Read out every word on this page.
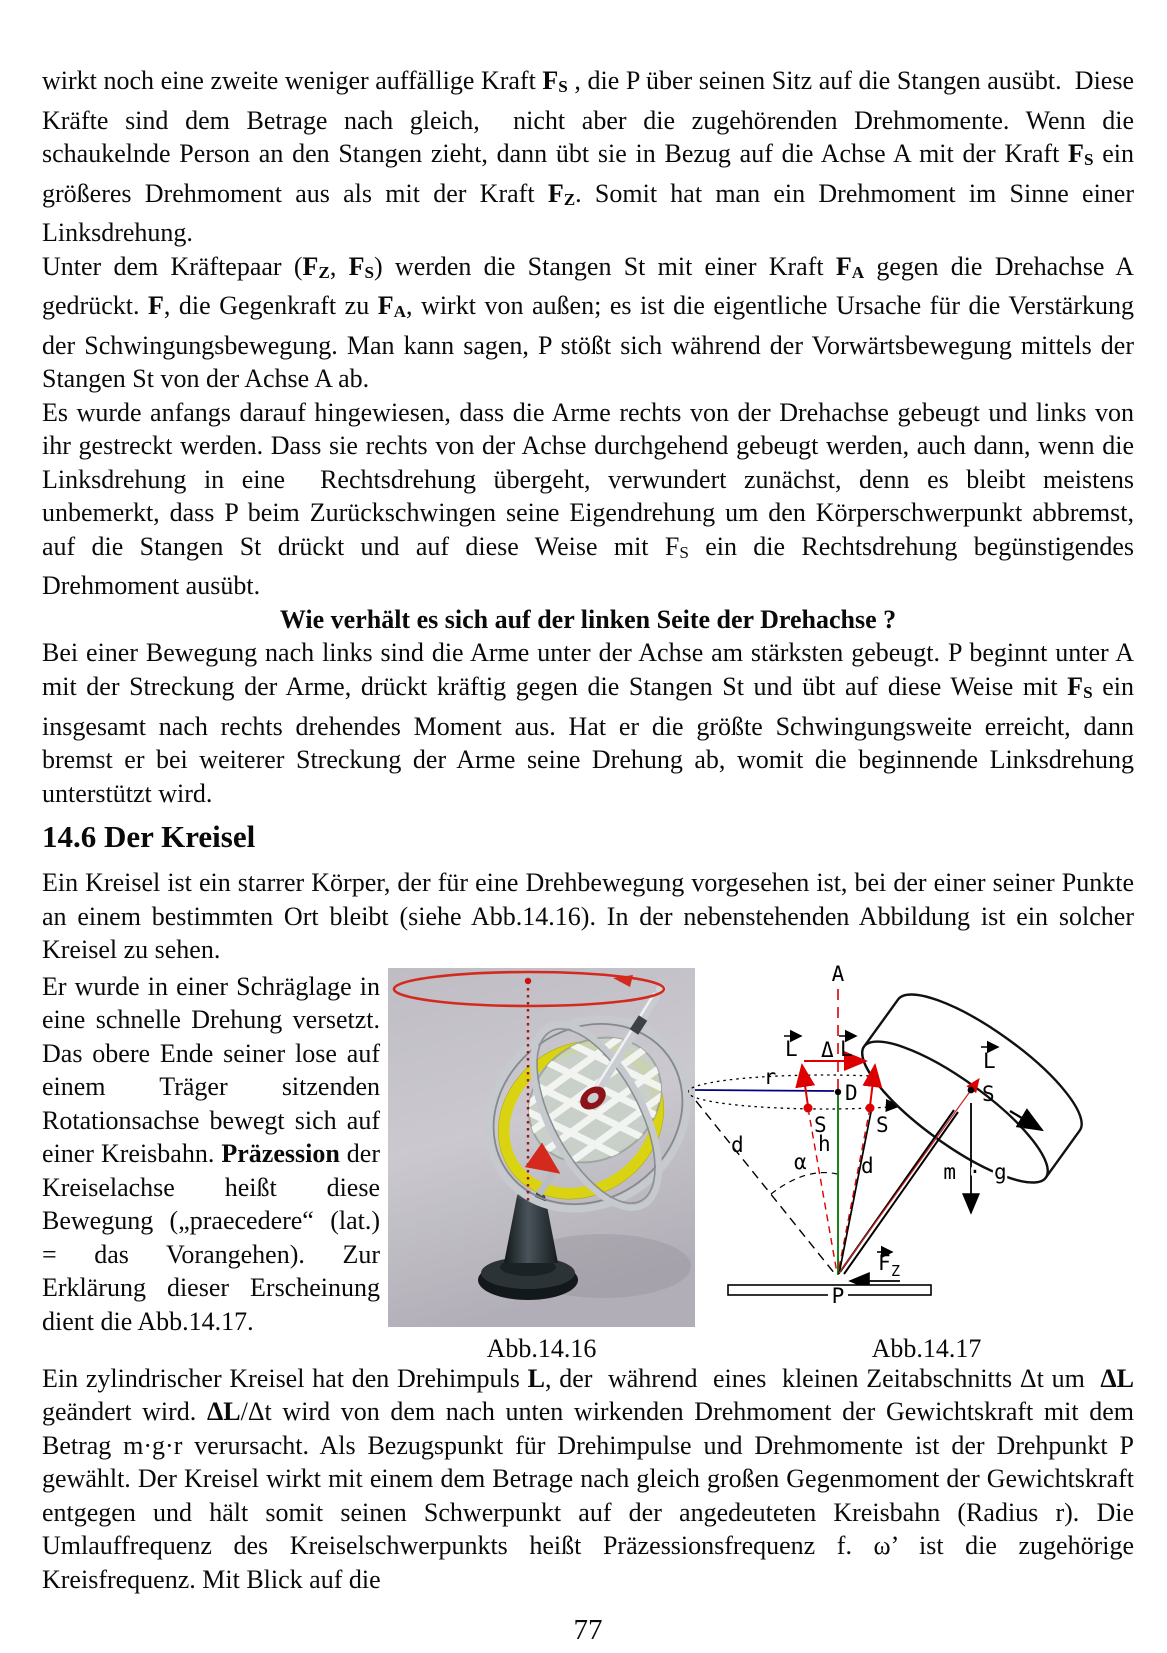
wirkt noch eine zweite weniger auffällige Kraft FS , die P über seinen Sitz auf die Stangen ausübt.  Diese Kräfte sind dem Betrage nach gleich,  nicht aber die zugehörenden Drehmomente. Wenn die schaukelnde Person an den Stangen zieht, dann übt sie in Bezug auf die Achse A mit der Kraft FS ein größeres Drehmoment aus als mit der Kraft FZ. Somit hat man ein Drehmoment im Sinne einer Linksdrehung.

Unter dem Kräftepaar (FZ, FS) werden die Stangen St mit einer Kraft FA gegen die Drehachse A gedrückt. F, die Gegenkraft zu FA, wirkt von außen; es ist die eigentliche Ursache für die Verstärkung der Schwingungsbewegung. Man kann sagen, P stößt sich während der Vorwärtsbewegung mittels der Stangen St von der Achse A ab.

Es wurde anfangs darauf hingewiesen, dass die Arme rechts von der Drehachse gebeugt und links von ihr gestreckt werden. Dass sie rechts von der Achse durchgehend gebeugt werden, auch dann, wenn die Linksdrehung in eine  Rechtsdrehung übergeht, verwundert zunächst, denn es bleibt meistens unbemerkt, dass P beim Zurückschwingen seine Eigendrehung um den Körperschwerpunkt abbremst, auf die Stangen St drückt und auf diese Weise mit FS ein die Rechtsdrehung begünstigendes Drehmoment ausübt.

Wie verhält es sich auf der linken Seite der Drehachse ?

Bei einer Bewegung nach links sind die Arme unter der Achse am stärksten gebeugt. P beginnt unter A mit der Streckung der Arme, drückt kräftig gegen die Stangen St und übt auf diese Weise mit FS ein insgesamt nach rechts drehendes Moment aus. Hat er die größte Schwingungsweite erreicht, dann bremst er bei weiterer Streckung der Arme seine Drehung ab, womit die beginnende Linksdrehung unterstützt wird.

14.6 Der Kreisel

Ein Kreisel ist ein starrer Körper, der für eine Drehbewegung vorgesehen ist, bei der einer seiner Punkte an einem bestimmten Ort bleibt (siehe Abb.14.16). In der nebenstehenden Abbildung ist ein solcher Kreisel zu sehen.

Er wurde in einer Schräglage in eine schnelle Drehung versetzt. Das obere Ende seiner lose auf einem Träger sitzenden Rotationsachse bewegt sich auf einer Kreisbahn. Präzession der Kreiselachse heißt diese Bewegung („praecedere“ (lat.) = das Vorangehen). Zur Erklärung dieser Erscheinung dient die Abb.14.17.

Abb.14.16
A
r
D
h
S S
L Δ L
d
d
α
S
L
m · g
F Z
P
Abb.14.17

Ein zylindrischer Kreisel hat den Drehimpuls L, der  während  eines  kleinen Zeitabschnitts Δt um  ΔL geändert wird. ΔL/Δt wird von dem nach unten wirkenden Drehmoment der Gewichtskraft mit dem Betrag m·g·r verursacht. Als Bezugspunkt für Drehimpulse und Drehmomente ist der Drehpunkt P gewählt. Der Kreisel wirkt mit einem dem Betrage nach gleich großen Gegenmoment der Gewichtskraft entgegen und hält somit seinen Schwerpunkt auf der angedeuteten Kreisbahn (Radius r). Die Umlauffrequenz des Kreiselschwerpunkts heißt Präzessionsfrequenz f. ω’ ist die zugehörige Kreisfrequenz. Mit Blick auf die

77
